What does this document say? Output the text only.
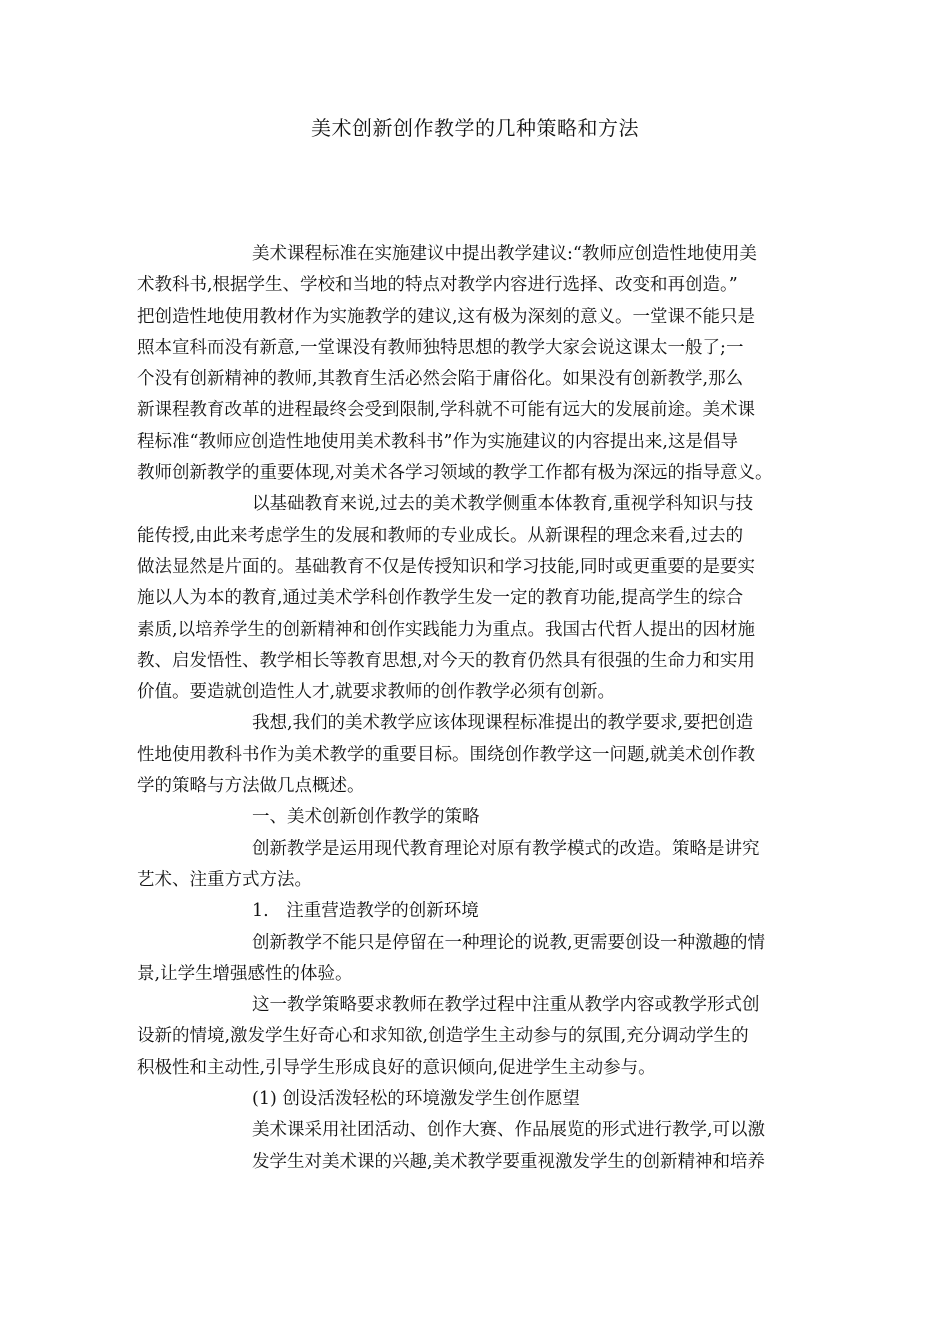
美术创新创作教学的几种策略和方法
美术课程标准在实施建议中提出教学建议:“教师应创造性地使用美
术教科书,根据学生、学校和当地的特点对教学内容进行选择、改变和再创造。”
把创造性地使用教材作为实施教学的建议,这有极为深刻的意义。一堂课不能只是
照本宣科而没有新意,一堂课没有教师独特思想的教学大家会说这课太一般了;一
个没有创新精神的教师,其教育生活必然会陷于庸俗化。如果没有创新教学,那么
新课程教育改革的进程最终会受到限制,学科就不可能有远大的发展前途。美术课
程标准“教师应创造性地使用美术教科书”作为实施建议的内容提出来,这是倡导
教师创新教学的重要体现,对美术各学习领域的教学工作都有极为深远的指导意义。
以基础教育来说,过去的美术教学侧重本体教育,重视学科知识与技
能传授,由此来考虑学生的发展和教师的专业成长。从新课程的理念来看,过去的
做法显然是片面的。基础教育不仅是传授知识和学习技能,同时或更重要的是要实
施以人为本的教育,通过美术学科创作教学生发一定的教育功能,提高学生的综合
素质,以培养学生的创新精神和创作实践能力为重点。我国古代哲人提出的因材施
教、启发悟性、教学相长等教育思想,对今天的教育仍然具有很强的生命力和实用
价值。要造就创造性人才,就要求教师的创作教学必须有创新。
我想,我们的美术教学应该体现课程标准提出的教学要求,要把创造
性地使用教科书作为美术教学的重要目标。围绕创作教学这一问题,就美术创作教
学的策略与方法做几点概述。
一、美术创新创作教学的策略
创新教学是运用现代教育理论对原有教学模式的改造。策略是讲究
艺术、注重方式方法。
1.　注重营造教学的创新环境
创新教学不能只是停留在一种理论的说教,更需要创设一种激趣的情
景,让学生增强感性的体验。
这一教学策略要求教师在教学过程中注重从教学内容或教学形式创
设新的情境,激发学生好奇心和求知欲,创造学生主动参与的氛围,充分调动学生的
积极性和主动性,引导学生形成良好的意识倾向,促进学生主动参与。
(1) 创设活泼轻松的环境激发学生创作愿望
美术课采用社团活动、创作大赛、作品展览的形式进行教学,可以激
发学生对美术课的兴趣,美术教学要重视激发学生的创新精神和培养
